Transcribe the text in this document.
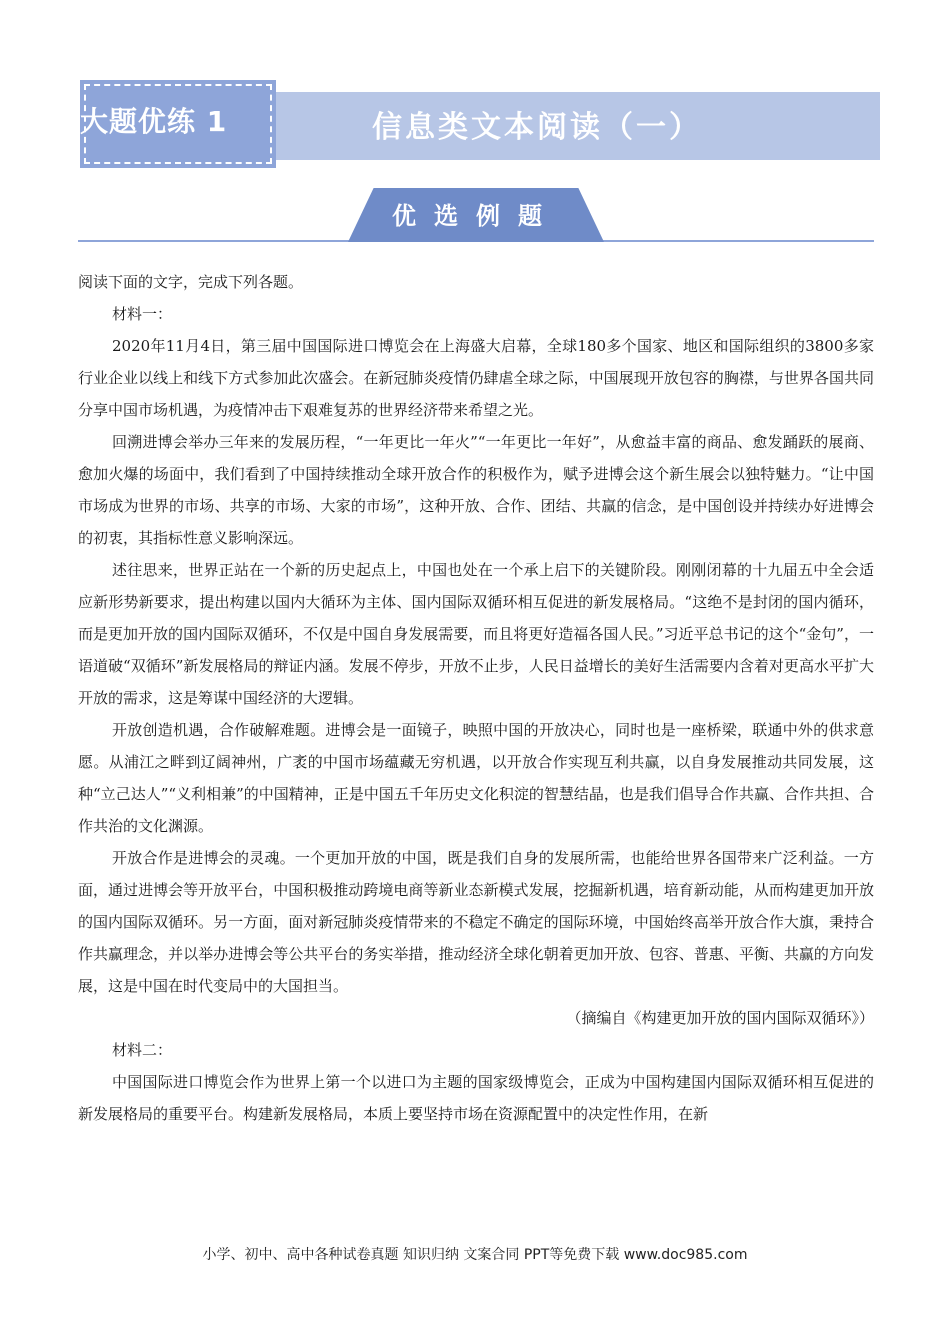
大题优练 1	信息类文本阅读（一）
优选例题

阅读下面的文字，完成下列各题。

材料一：

2020年11月4日，第三届中国国际进口博览会在上海盛大启幕，全球180多个国家、地区和国际组织的3800多家行业企业以线上和线下方式参加此次盛会。在新冠肺炎疫情仍肆虐全球之际，中国展现开放包容的胸襟，与世界各国共同分享中国市场机遇，为疫情冲击下艰难复苏的世界经济带来希望之光。

回溯进博会举办三年来的发展历程，“一年更比一年火”“一年更比一年好”，从愈益丰富的商品、愈发踊跃的展商、愈加火爆的场面中，我们看到了中国持续推动全球开放合作的积极作为，赋予进博会这个新生展会以独特魅力。“让中国市场成为世界的市场、共享的市场、大家的市场”，这种开放、合作、团结、共赢的信念，是中国创设并持续办好进博会的初衷，其指标性意义影响深远。

述往思来，世界正站在一个新的历史起点上，中国也处在一个承上启下的关键阶段。刚刚闭幕的十九届五中全会适应新形势新要求，提出构建以国内大循环为主体、国内国际双循环相互促进的新发展格局。“这绝不是封闭的国内循环，而是更加开放的国内国际双循环，不仅是中国自身发展需要，而且将更好造福各国人民。”习近平总书记的这个“金句”，一语道破“双循环”新发展格局的辩证内涵。发展不停步，开放不止步，人民日益增长的美好生活需要内含着对更高水平扩大开放的需求，这是筹谋中国经济的大逻辑。

开放创造机遇，合作破解难题。进博会是一面镜子，映照中国的开放决心，同时也是一座桥梁，联通中外的供求意愿。从浦江之畔到辽阔神州，广袤的中国市场蕴藏无穷机遇，以开放合作实现互利共赢，以自身发展推动共同发展，这种“立己达人”“义利相兼”的中国精神，正是中国五千年历史文化积淀的智慧结晶，也是我们倡导合作共赢、合作共担、合作共治的文化渊源。

开放合作是进博会的灵魂。一个更加开放的中国，既是我们自身的发展所需，也能给世界各国带来广泛利益。一方面，通过进博会等开放平台，中国积极推动跨境电商等新业态新模式发展，挖掘新机遇，培育新动能，从而构建更加开放的国内国际双循环。另一方面，面对新冠肺炎疫情带来的不稳定不确定的国际环境，中国始终高举开放合作大旗，秉持合作共赢理念，并以举办进博会等公共平台的务实举措，推动经济全球化朝着更加开放、包容、普惠、平衡、共赢的方向发展，这是中国在时代变局中的大国担当。

（摘编自《构建更加开放的国内国际双循环》）

材料二：

中国国际进口博览会作为世界上第一个以进口为主题的国家级博览会，正成为中国构建国内国际双循环相互促进的新发展格局的重要平台。构建新发展格局，本质上要坚持市场在资源配置中的决定性作用，在新

小学、初中、高中各种试卷真题 知识归纳 文案合同 PPT等免费下载 www.doc985.com
